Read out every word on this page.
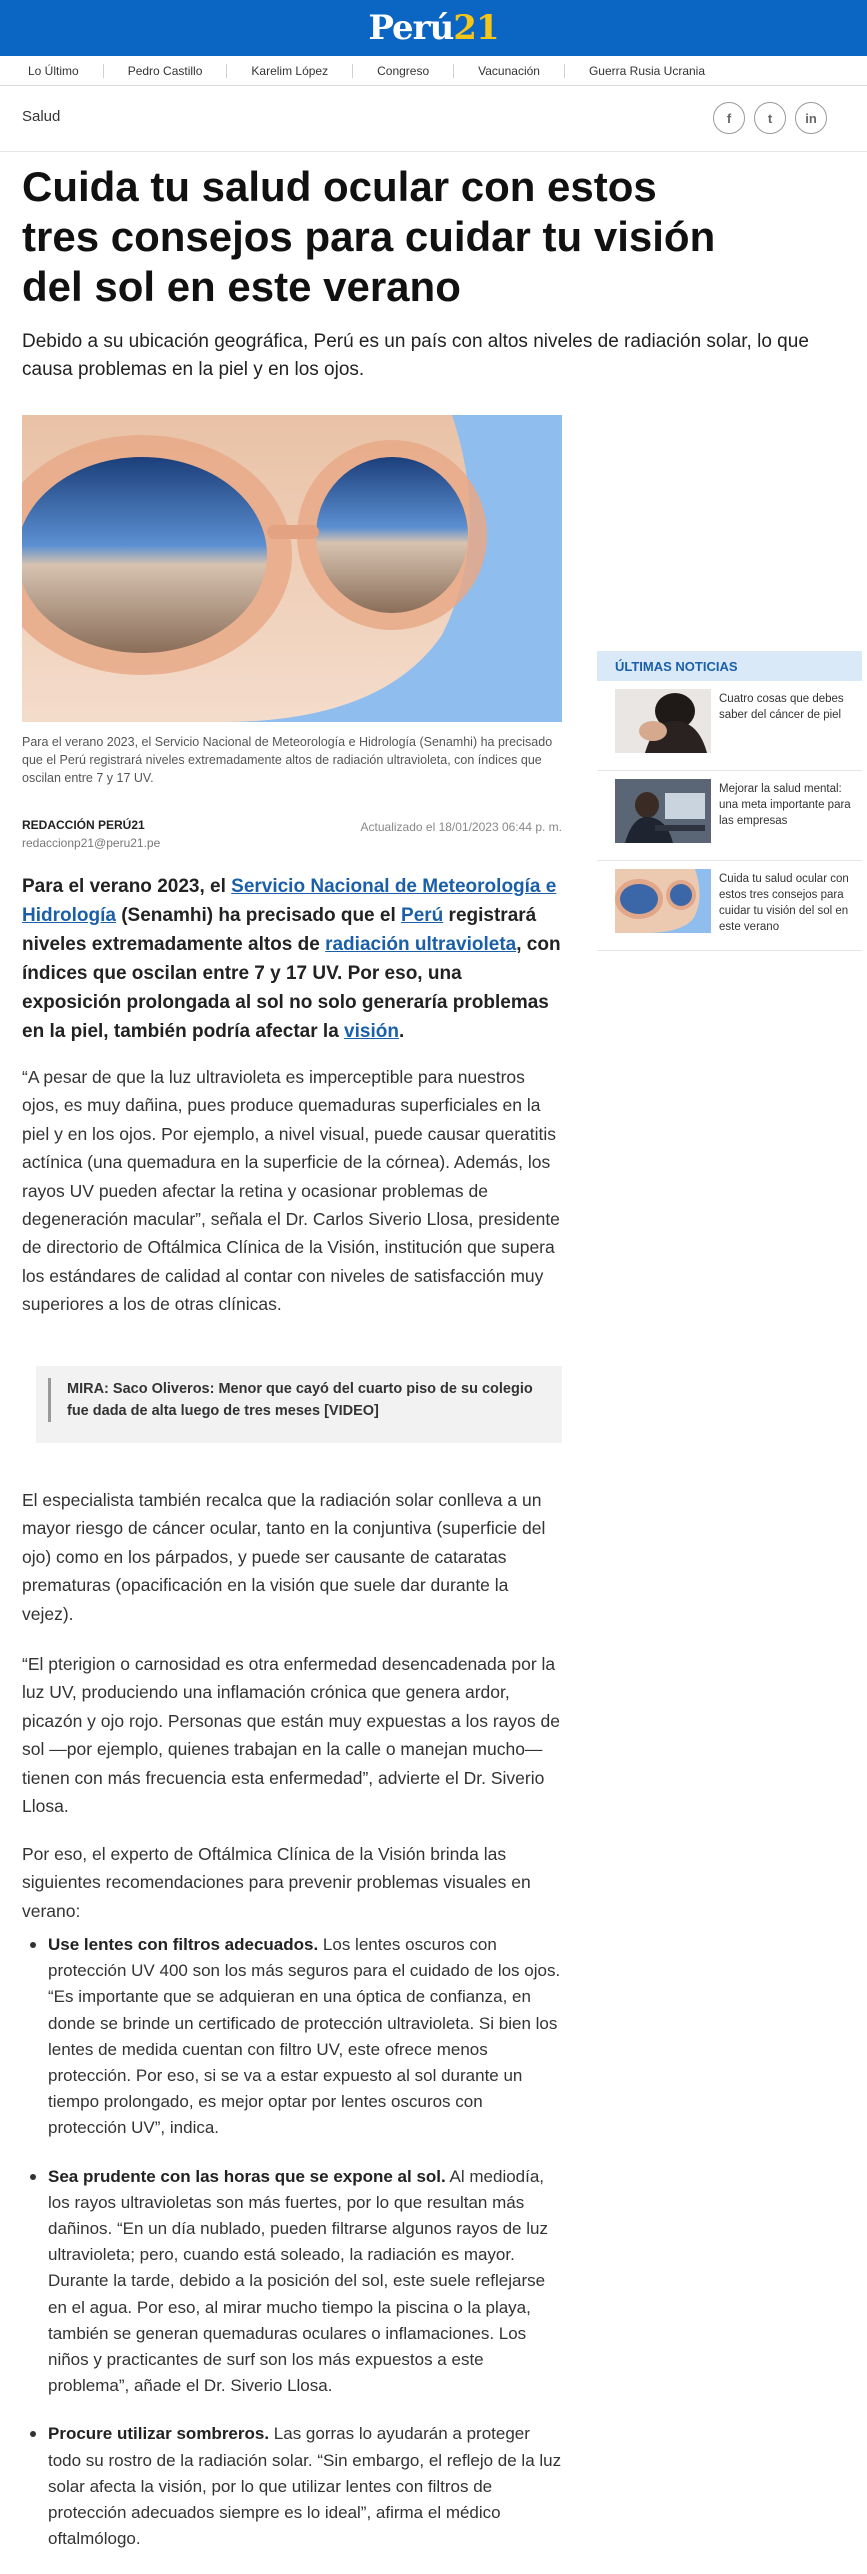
Perú21
Lo Último	Pedro Castillo	Karelim López	Congreso	Vacunación	Guerra Rusia Ucrania
Salud	f	t	in
Cuida tu salud ocular con estos tres consejos para cuidar tu visión del sol en este verano

Debido a su ubicación geográfica, Perú es un país con altos niveles de radiación solar, lo que causa problemas en la piel y en los ojos.

Para el verano 2023, el Servicio Nacional de Meteorología e Hidrología (Senamhi) ha precisado que el Perú registrará niveles extremadamente altos de radiación ultravioleta, con índices que oscilan entre 7 y 17 UV.

REDACCIÓN PERÚ21
redaccionp21@peru21.pe
Actualizado el 18/01/2023 06:44 p. m.

Para el verano 2023, el Servicio Nacional de Meteorología e Hidrología (Senamhi) ha precisado que el Perú registrará niveles extremadamente altos de radiación ultravioleta, con índices que oscilan entre 7 y 17 UV. Por eso, una exposición prolongada al sol no solo generaría problemas en la piel, también podría afectar la visión.

“A pesar de que la luz ultravioleta es imperceptible para nuestros ojos, es muy dañina, pues produce quemaduras superficiales en la piel y en los ojos. Por ejemplo, a nivel visual, puede causar queratitis actínica (una quemadura en la superficie de la córnea). Además, los rayos UV pueden afectar la retina y ocasionar problemas de degeneración macular”, señala el Dr. Carlos Siverio Llosa, presidente de directorio de Oftálmica Clínica de la Visión, institución que supera los estándares de calidad al contar con niveles de satisfacción muy superiores a los de otras clínicas.

MIRA: Saco Oliveros: Menor que cayó del cuarto piso de su colegio fue dada de alta luego de tres meses [VIDEO]

El especialista también recalca que la radiación solar conlleva a un mayor riesgo de cáncer ocular, tanto en la conjuntiva (superficie del ojo) como en los párpados, y puede ser causante de cataratas prematuras (opacificación en la visión que suele dar durante la vejez).

“El pterigion o carnosidad es otra enfermedad desencadenada por la luz UV, produciendo una inflamación crónica que genera ardor, picazón y ojo rojo. Personas que están muy expuestas a los rayos de sol —por ejemplo, quienes trabajan en la calle o manejan mucho— tienen con más frecuencia esta enfermedad”, advierte el Dr. Siverio Llosa.

Por eso, el experto de Oftálmica Clínica de la Visión brinda las siguientes recomendaciones para prevenir problemas visuales en verano:

Use lentes con filtros adecuados. Los lentes oscuros con protección UV 400 son los más seguros para el cuidado de los ojos. “Es importante que se adquieran en una óptica de confianza, en donde se brinde un certificado de protección ultravioleta. Si bien los lentes de medida cuentan con filtro UV, este ofrece menos protección. Por eso, si se va a estar expuesto al sol durante un tiempo prolongado, es mejor optar por lentes oscuros con protección UV”, indica.
Sea prudente con las horas que se expone al sol. Al mediodía, los rayos ultravioletas son más fuertes, por lo que resultan más dañinos. “En un día nublado, pueden filtrarse algunos rayos de luz ultravioleta; pero, cuando está soleado, la radiación es mayor. Durante la tarde, debido a la posición del sol, este suele reflejarse en el agua. Por eso, al mirar mucho tiempo la piscina o la playa, también se generan quemaduras oculares o inflamaciones. Los niños y practicantes de surf son los más expuestos a este problema”, añade el Dr. Siverio Llosa.
Procure utilizar sombreros. Las gorras lo ayudarán a proteger todo su rostro de la radiación solar. “Sin embargo, el reflejo de la luz solar afecta la visión, por lo que utilizar lentes con filtros de protección adecuados siempre es lo ideal”, afirma el médico oftalmólogo.
ÚLTIMAS NOTICIAS
Cuatro cosas que debes saber del cáncer de piel
Mejorar la salud mental: una meta importante para las empresas
Cuida tu salud ocular con estos tres consejos para cuidar tu visión del sol en este verano
